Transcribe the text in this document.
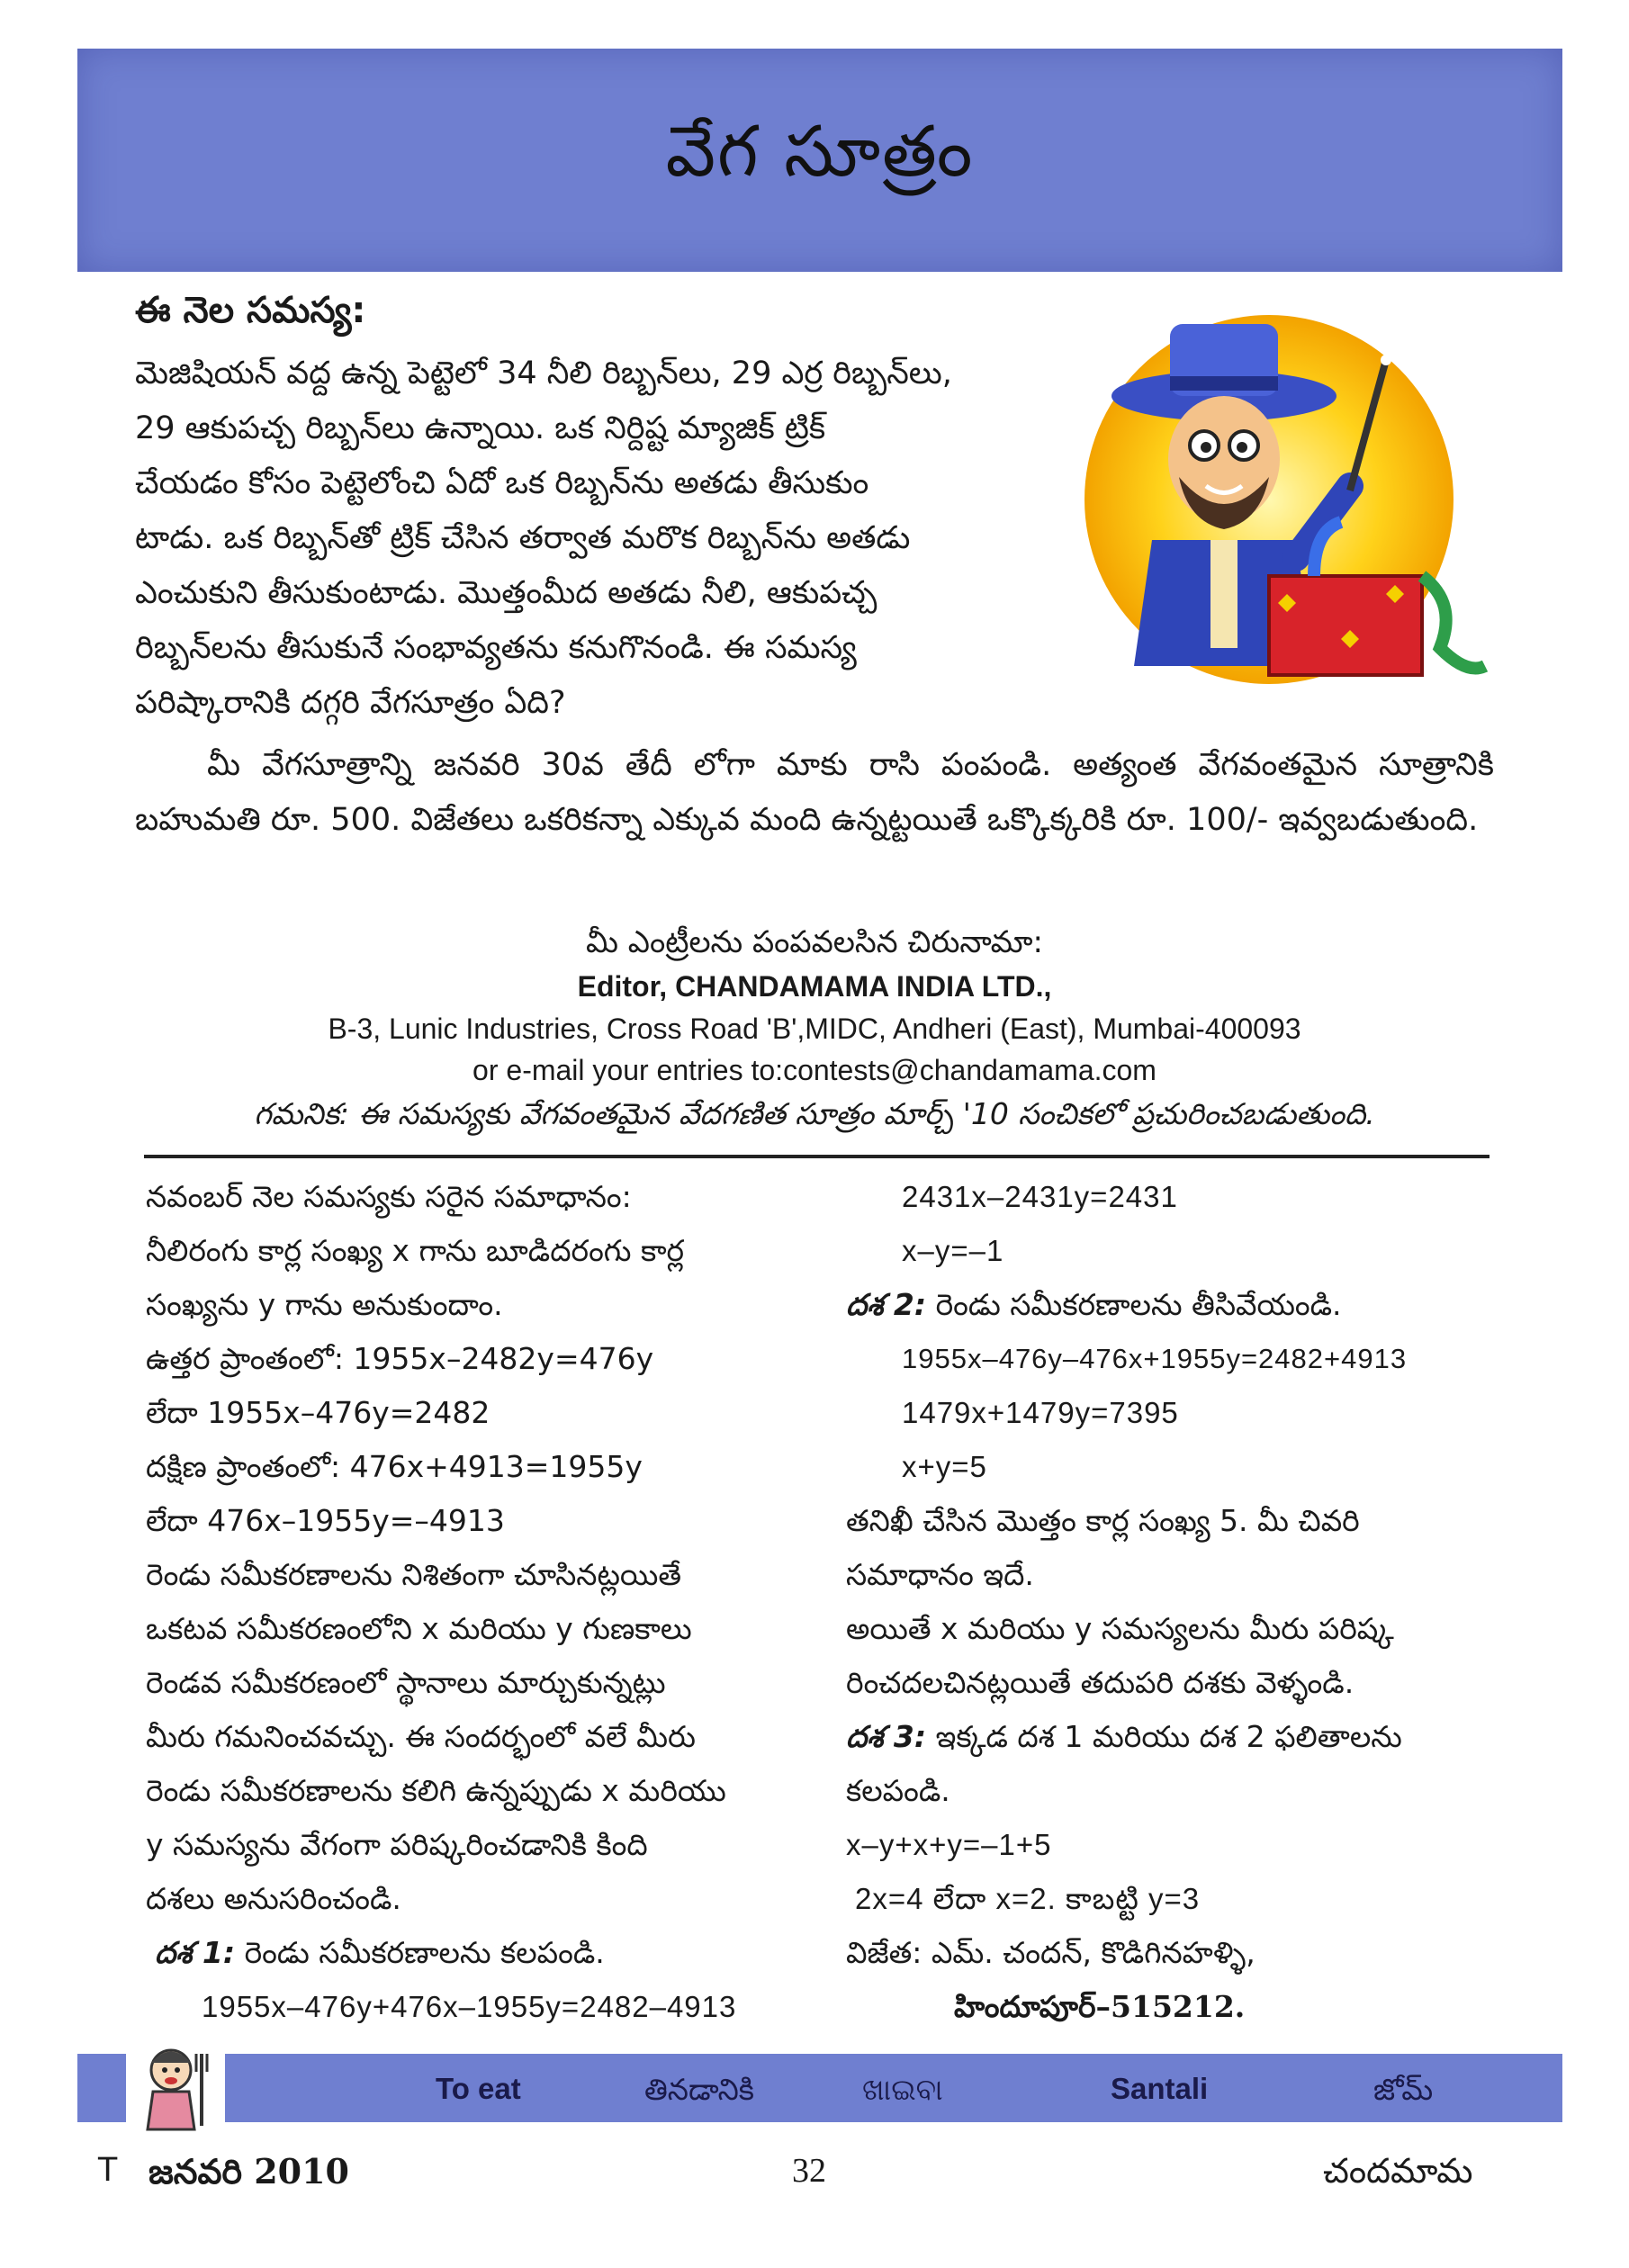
వేగ సూత్రం
ఈ నెల సమస్య:
మెజిషియన్ వద్ద ఉన్న పెట్టెలో 34 నీలి రిబ్బన్‌లు, 29 ఎర్ర రిబ్బన్‌లు,
29 ఆకుపచ్చ రిబ్బన్‌లు ఉన్నాయి. ఒక నిర్దిష్ట మ్యాజిక్ ట్రిక్
చేయడం కోసం పెట్టెలోంచి ఏదో ఒక రిబ్బన్‌ను అతడు తీసుకుం
టాడు. ఒక రిబ్బన్‌తో ట్రిక్ చేసిన తర్వాత మరొక రిబ్బన్‌ను అతడు
ఎంచుకుని తీసుకుంటాడు. మొత్తంమీద అతడు నీలి, ఆకుపచ్చ
రిబ్బన్‌లను తీసుకునే సంభావ్యతను కనుగొనండి. ఈ సమస్య
పరిష్కారానికి దగ్గరి వేగసూత్రం ఏది?
మీ వేగసూత్రాన్ని జనవరి 30వ తేదీ లోగా మాకు రాసి పంపండి. అత్యంత వేగవంతమైన సూత్రానికి బహుమతి రూ. 500. విజేతలు ఒకరికన్నా ఎక్కువ మంది ఉన్నట్టయితే ఒక్కొక్కరికి రూ. 100/- ఇవ్వబడుతుంది.
మీ ఎంట్రీలను పంపవలసిన చిరునామా:
Editor, CHANDAMAMA INDIA LTD.,
B-3, Lunic Industries, Cross Road 'B',MIDC, Andheri (East), Mumbai-400093
or e-mail your entries to:contests@chandamama.com
గమనిక: ఈ సమస్యకు వేగవంతమైన వేదగణిత సూత్రం మార్చ్ '10 సంచికలో ప్రచురించబడుతుంది.
నవంబర్ నెల సమస్యకు సరైన సమాధానం:
నీలిరంగు కార్ల సంఖ్య x గాను బూడిదరంగు కార్ల
సంఖ్యను y గాను అనుకుందాం.
ఉత్తర ప్రాంతంలో: 1955x–2482y=476y
లేదా 1955x–476y=2482
దక్షిణ ప్రాంతంలో: 476x+4913=1955y
లేదా 476x–1955y=–4913
రెండు సమీకరణాలను నిశితంగా చూసినట్లయితే
ఒకటవ సమీకరణంలోని x మరియు y గుణకాలు
రెండవ సమీకరణంలో స్థానాలు మార్చుకున్నట్లు
మీరు గమనించవచ్చు. ఈ సందర్భంలో వలే మీరు
రెండు సమీకరణాలను కలిగి ఉన్నప్పుడు x మరియు
y సమస్యను వేగంగా పరిష్కరించడానికి కింది
దశలు అనుసరించండి.
దశ 1: రెండు సమీకరణాలను కలపండి.
1955x–476y+476x–1955y=2482–4913
2431x–2431y=2431
x–y=–1
దశ 2: రెండు సమీకరణాలను తీసివేయండి.
1955x–476y–476x+1955y=2482+4913
1479x+1479y=7395
x+y=5
తనిఖీ చేసిన మొత్తం కార్ల సంఖ్య 5. మీ చివరి
సమాధానం ఇదే.
అయితే x మరియు y సమస్యలను మీరు పరిష్క
రించదలచినట్లయితే తదుపరి దశకు వెళ్ళండి.
దశ 3: ఇక్కడ దశ 1 మరియు దశ 2 ఫలితాలను
కలపండి.
x–y+x+y=–1+5
2x=4 లేదా x=2. కాబట్టి y=3
విజేత: ఎమ్. చందన్, కొడిగినహళ్ళి,
హిందూపూర్–515212.
To eat	తినడానికి	ଖାଇବା	Santali	జోమ్
T జనవరి 2010	32	చందమామ
